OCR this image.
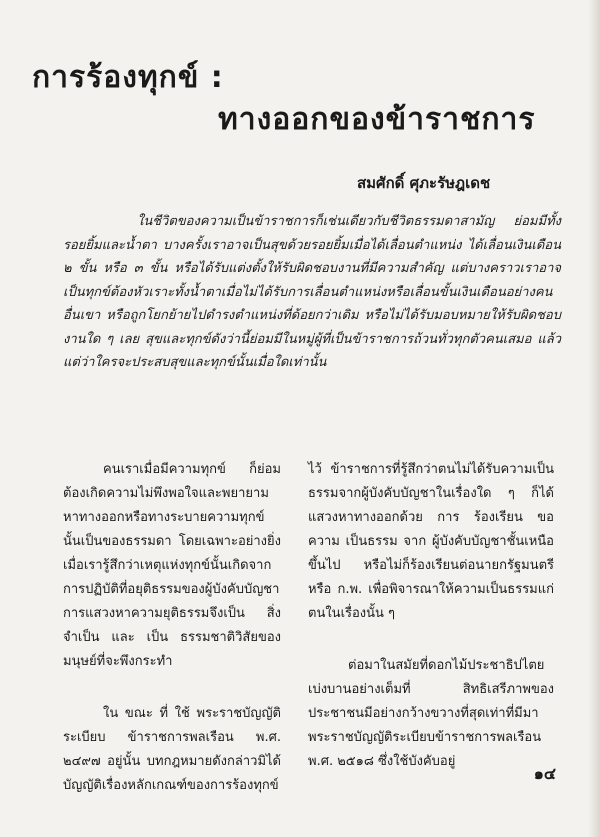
การร้องทุกข์ :
ทางออกของข้าราชการ
สมศักดิ์ ศุภะรัษฎเดช

ในชีวิตของความเป็นข้าราชการก็เช่นเดียวกับชีวิตธรรมดาสามัญ ย่อมมีทั้งรอยยิ้มและน้ำตา บางครั้งเราอาจเป็นสุขด้วยรอยยิ้มเมื่อได้เลื่อนตำแหน่ง ได้เลื่อนเงินเดือน ๒ ขั้น หรือ ๓ ขั้น หรือได้รับแต่งตั้งให้รับผิดชอบงานที่มีความสำคัญ แต่บางคราวเราอาจเป็นทุกข์ต้องหัวเราะทั้งน้ำตาเมื่อไม่ได้รับการเลื่อนตำแหน่งหรือเลื่อนขั้นเงินเดือนอย่างคนอื่นเขา หรือถูกโยกย้ายไปดำรงตำแหน่งที่ด้อยกว่าเดิม หรือไม่ได้รับมอบหมายให้รับผิดชอบงานใด ๆ เลย สุขและทุกข์ดังว่านี้ย่อมมีในหมู่ผู้ที่เป็นข้าราชการถ้วนทั่วทุกตัวคนเสมอ แล้วแต่ว่าใครจะประสบสุขและทุกข์นั้นเมื่อใดเท่านั้น

คนเราเมื่อมีความทุกข์ ก็ย่อมต้องเกิดความไม่พึงพอใจและพยายามหาทางออกหรือทางระบายความทุกข์นั้นเป็นของธรรมดา โดยเฉพาะอย่างยิ่งเมื่อเรารู้สึกว่าเหตุแห่งทุกข์นั้นเกิดจากการปฏิบัติที่อยุติธรรมของผู้บังคับบัญชา การแสวงหาความยุติธรรมจึงเป็น สิ่งจำเป็น และ เป็น ธรรมชาติวิสัยของมนุษย์ที่จะพึงกระทำ

ใน ขณะ ที่ ใช้ พระราชบัญญัติ ระเบียบ ข้าราชการพลเรือน พ.ศ. ๒๔๙๗ อยู่นั้น บทกฎหมายดังกล่าวมิได้บัญญัติเรื่องหลักเกณฑ์ของการร้องทุกข์

ไว้ ข้าราชการที่รู้สึกว่าตนไม่ได้รับความเป็นธรรมจากผู้บังคับบัญชาในเรื่องใด ๆ ก็ได้แสวงหาทางออกด้วย การ ร้องเรียน ขอความ เป็นธรรม จาก ผู้บังคับบัญชาชั้นเหนือขึ้นไป หรือไม่ก็ร้องเรียนต่อนายกรัฐมนตรี หรือ ก.พ. เพื่อพิจารณาให้ความเป็นธรรมแก่ตนในเรื่องนั้น ๆ

ต่อมาในสมัยที่ดอกไม้ประชาธิปไตยเบ่งบานอย่างเต็มที่ สิทธิเสรีภาพของประชาชนมีอย่างกว้างขวางที่สุดเท่าที่มีมา พระราชบัญญัติระเบียบข้าราชการพลเรือน พ.ศ. ๒๕๑๘ ซึ่งใช้บังคับอยู่

๑๔
